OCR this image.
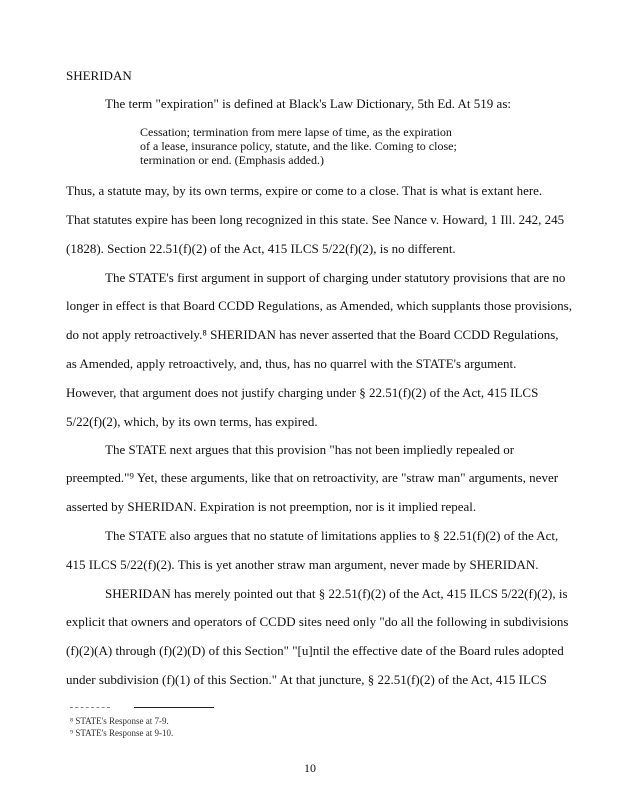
SHERIDAN
The term "expiration" is defined at Black's Law Dictionary, 5th Ed. At 519 as:
Cessation; termination from mere lapse of time, as the expiration
of a lease, insurance policy, statute, and the like. Coming to close;
termination or end. (Emphasis added.)
Thus, a statute may, by its own terms, expire or come to a close. That is what is extant here.
That statutes expire has been long recognized in this state. See Nance v. Howard, 1 Ill. 242, 245
(1828). Section 22.51(f)(2) of the Act, 415 ILCS 5/22(f)(2), is no different.
The STATE's first argument in support of charging under statutory provisions that are no
longer in effect is that Board CCDD Regulations, as Amended, which supplants those provisions,
do not apply retroactively.⁸ SHERIDAN has never asserted that the Board CCDD Regulations,
as Amended, apply retroactively, and, thus, has no quarrel with the STATE's argument.
However, that argument does not justify charging under § 22.51(f)(2) of the Act, 415 ILCS
5/22(f)(2), which, by its own terms, has expired.
The STATE next argues that this provision "has not been impliedly repealed or
preempted."⁹ Yet, these arguments, like that on retroactivity, are "straw man" arguments, never
asserted by SHERIDAN. Expiration is not preemption, nor is it implied repeal.
The STATE also argues that no statute of limitations applies to § 22.51(f)(2) of the Act,
415 ILCS 5/22(f)(2). This is yet another straw man argument, never made by SHERIDAN.
SHERIDAN has merely pointed out that § 22.51(f)(2) of the Act, 415 ILCS 5/22(f)(2), is
explicit that owners and operators of CCDD sites need only "do all the following in subdivisions
(f)(2)(A) through (f)(2)(D) of this Section" "[u]ntil the effective date of the Board rules adopted
under subdivision (f)(1) of this Section." At that juncture, § 22.51(f)(2) of the Act, 415 ILCS
⁸ STATE's Response at 7-9.
⁹ STATE's Response at 9-10.
10
